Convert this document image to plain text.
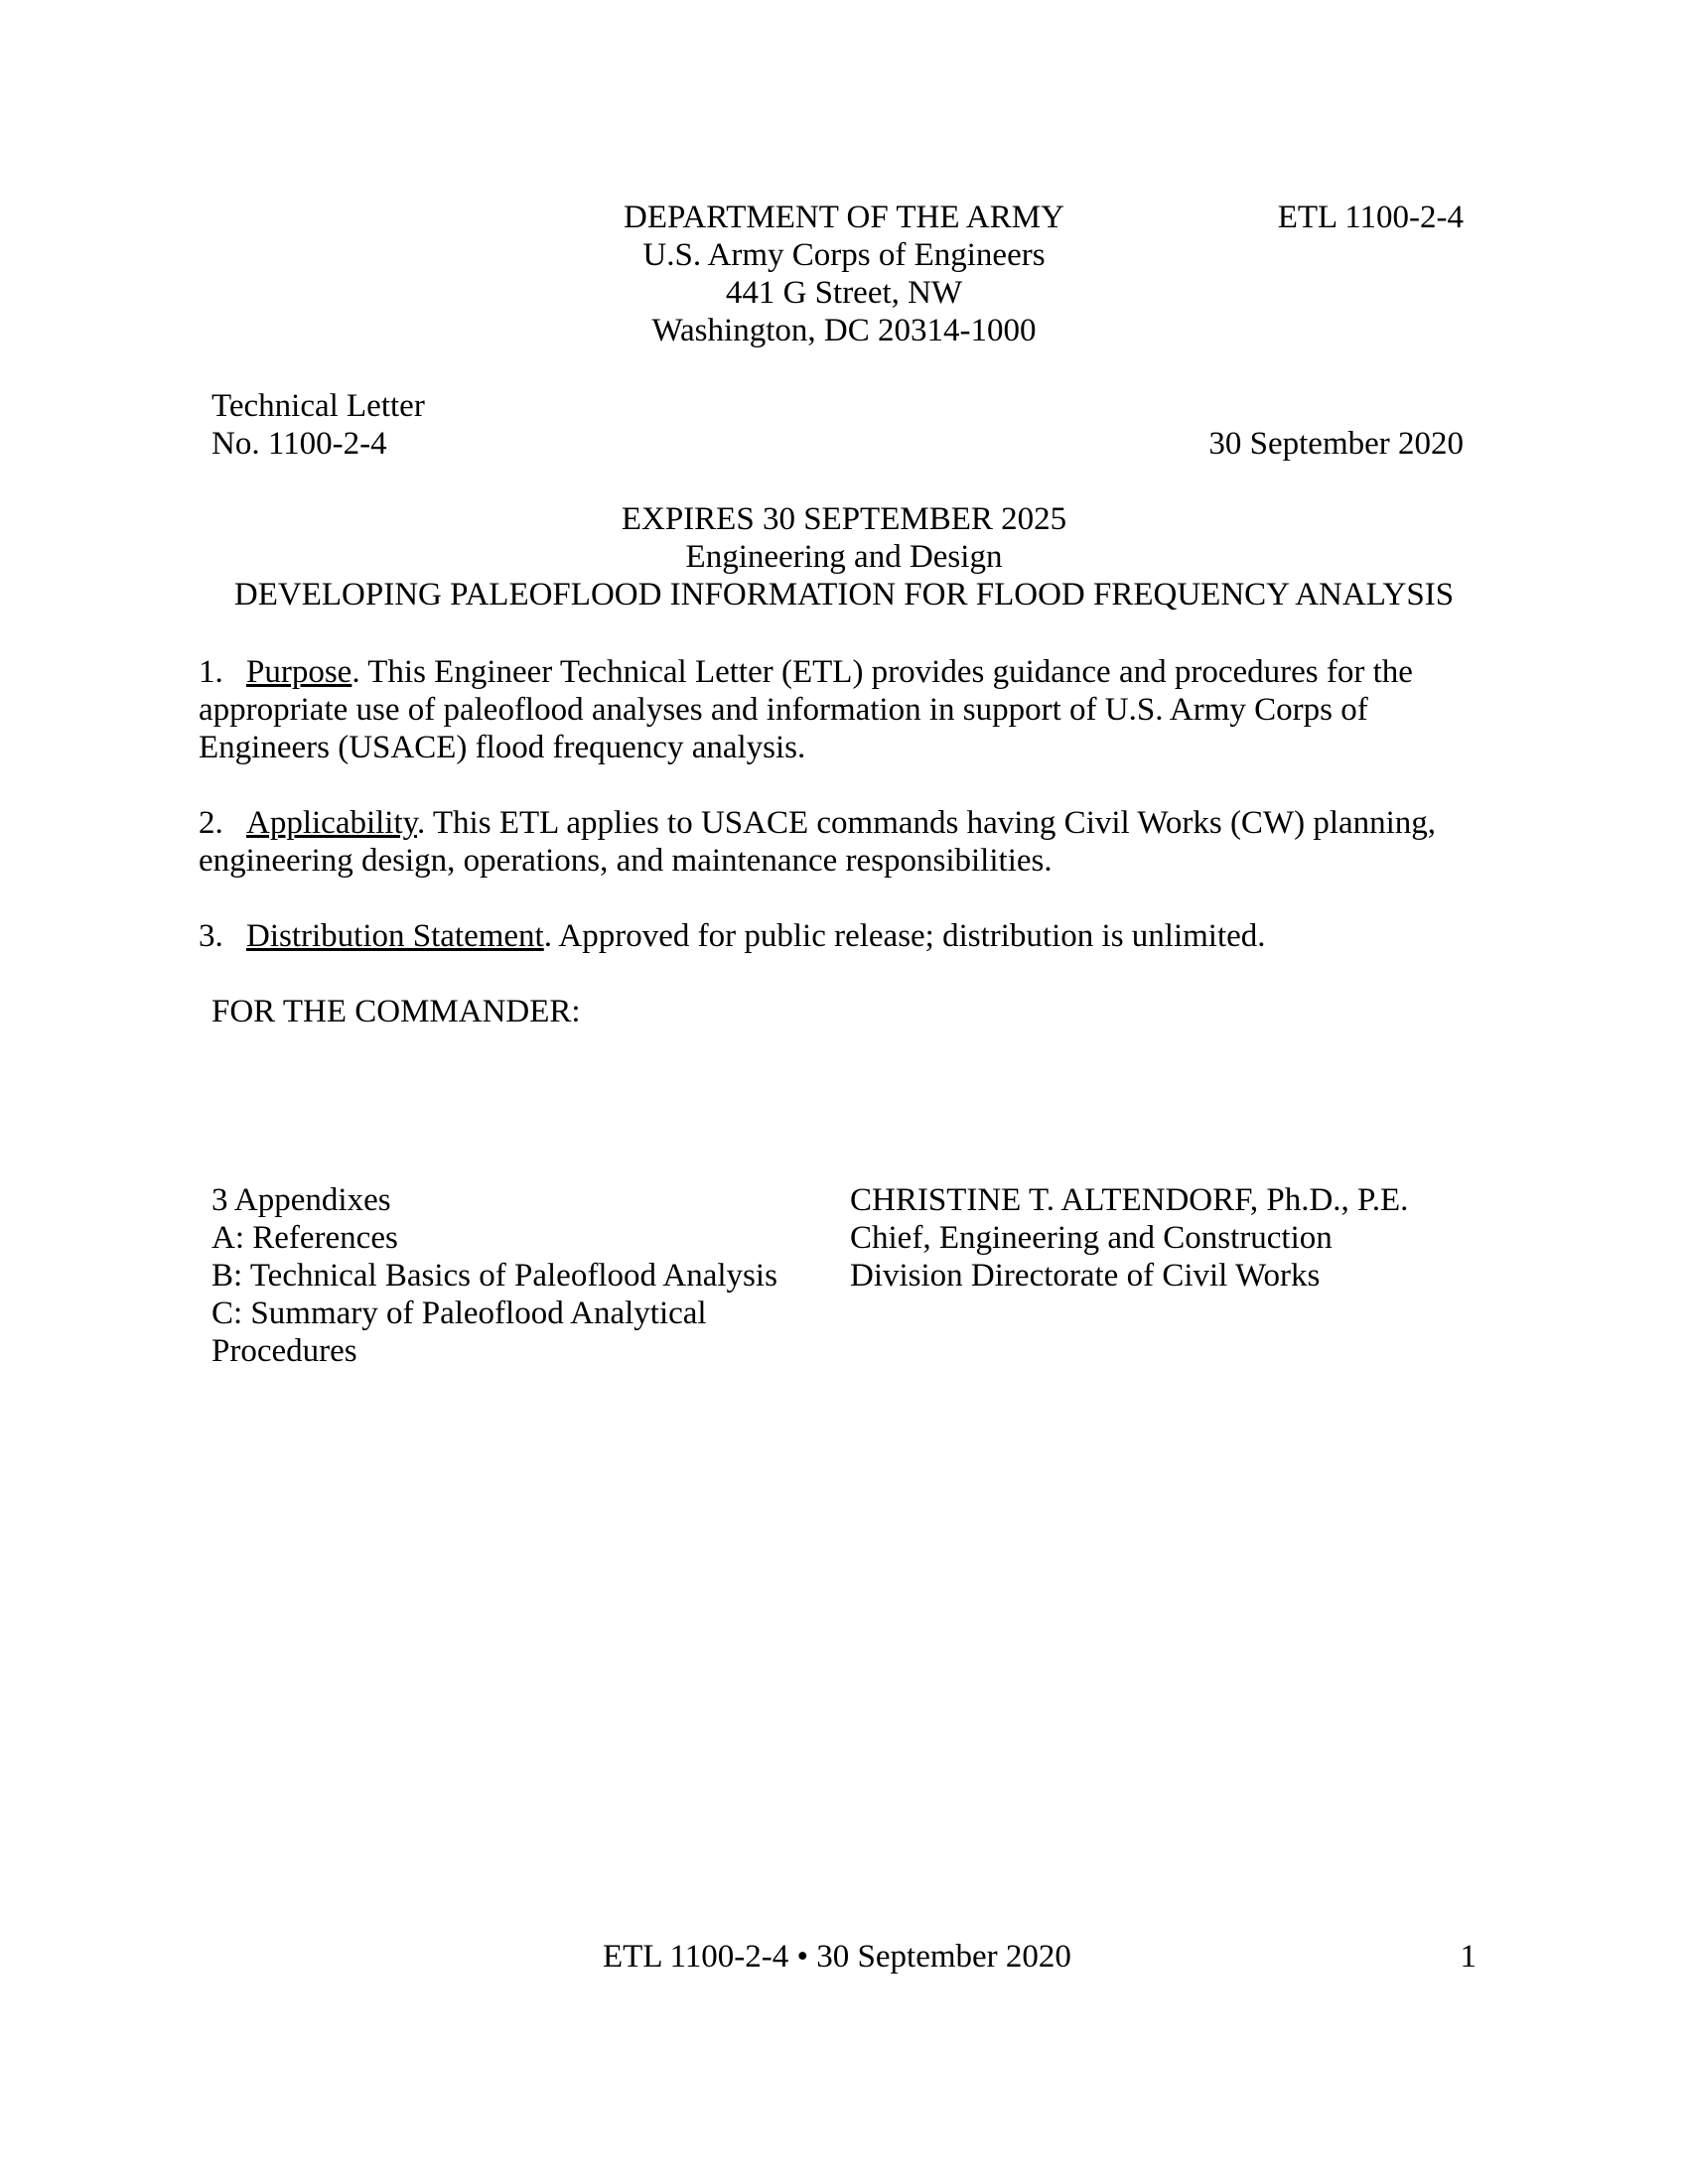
DEPARTMENT OF THE ARMY
U.S. Army Corps of Engineers
441 G Street, NW
Washington, DC 20314-1000
ETL 1100-2-4
Technical Letter
No. 1100-2-4	30 September 2020
EXPIRES 30 SEPTEMBER 2025
Engineering and Design
DEVELOPING PALEOFLOOD INFORMATION FOR FLOOD FREQUENCY ANALYSIS
1. Purpose. This Engineer Technical Letter (ETL) provides guidance and procedures for the appropriate use of paleoflood analyses and information in support of U.S. Army Corps of Engineers (USACE) flood frequency analysis.
2. Applicability. This ETL applies to USACE commands having Civil Works (CW) planning, engineering design, operations, and maintenance responsibilities.
3. Distribution Statement. Approved for public release; distribution is unlimited.
FOR THE COMMANDER:
3 Appendixes
A: References
B: Technical Basics of Paleoflood Analysis
C: Summary of Paleoflood Analytical
Procedures
CHRISTINE T. ALTENDORF, Ph.D., P.E.
Chief, Engineering and Construction
Division Directorate of Civil Works
ETL 1100-2-4 • 30 September 2020	1
